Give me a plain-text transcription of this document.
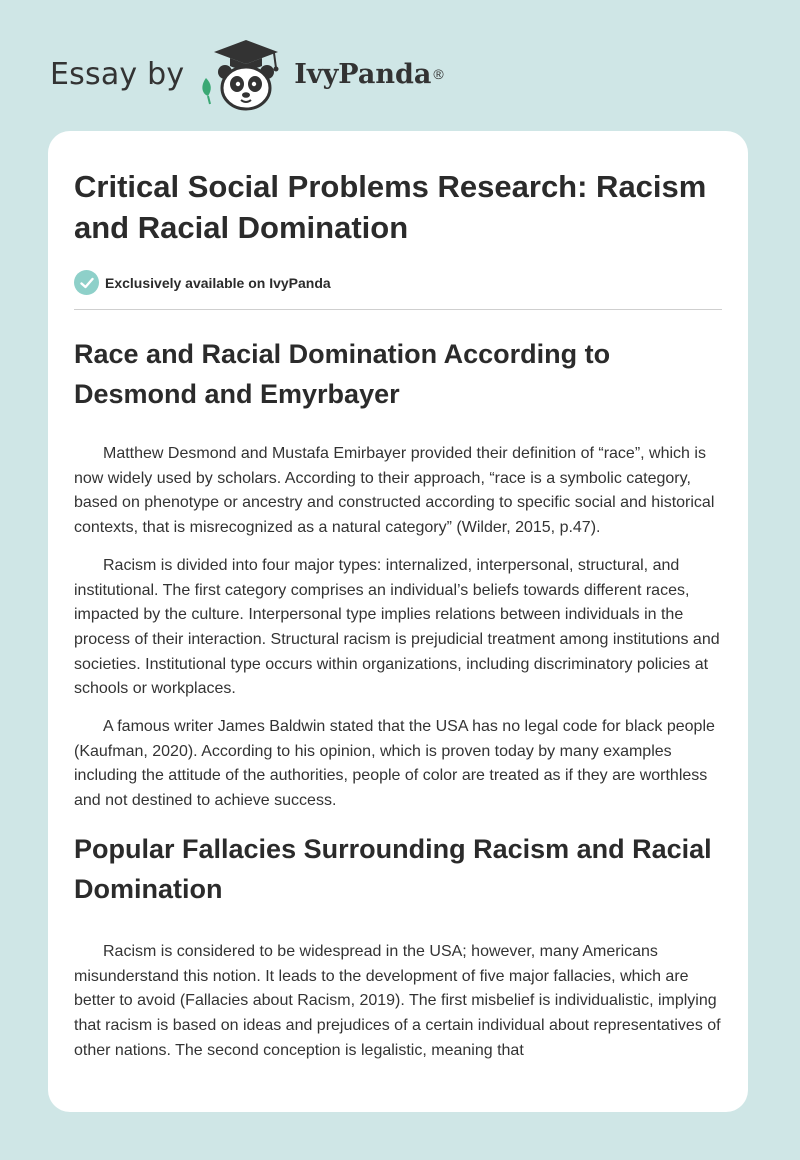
Essay by	IvyPanda ®
Critical Social Problems Research: Racism and Racial Domination
Exclusively available on IvyPanda
Race and Racial Domination According to Desmond and Emyrbayer

Matthew Desmond and Mustafa Emirbayer provided their definition of “race”, which is now widely used by scholars. According to their approach, “race is a symbolic category, based on phenotype or ancestry and constructed according to specific social and historical contexts, that is misrecognized as a natural category” (Wilder, 2015, p.47).

Racism is divided into four major types: internalized, interpersonal, structural, and institutional. The first category comprises an individual’s beliefs towards different races, impacted by the culture. Interpersonal type implies relations between individuals in the process of their interaction. Structural racism is prejudicial treatment among institutions and societies. Institutional type occurs within organizations, including discriminatory policies at schools or workplaces.

A famous writer James Baldwin stated that the USA has no legal code for black people (Kaufman, 2020). According to his opinion, which is proven today by many examples including the attitude of the authorities, people of color are treated as if they are worthless and not destined to achieve success.

Popular Fallacies Surrounding Racism and Racial Domination

Racism is considered to be widespread in the USA; however, many Americans misunderstand this notion. It leads to the development of five major fallacies, which are better to avoid (Fallacies about Racism, 2019). The first misbelief is individualistic, implying that racism is based on ideas and prejudices of a certain individual about representatives of other nations. The second conception is legalistic, meaning that
